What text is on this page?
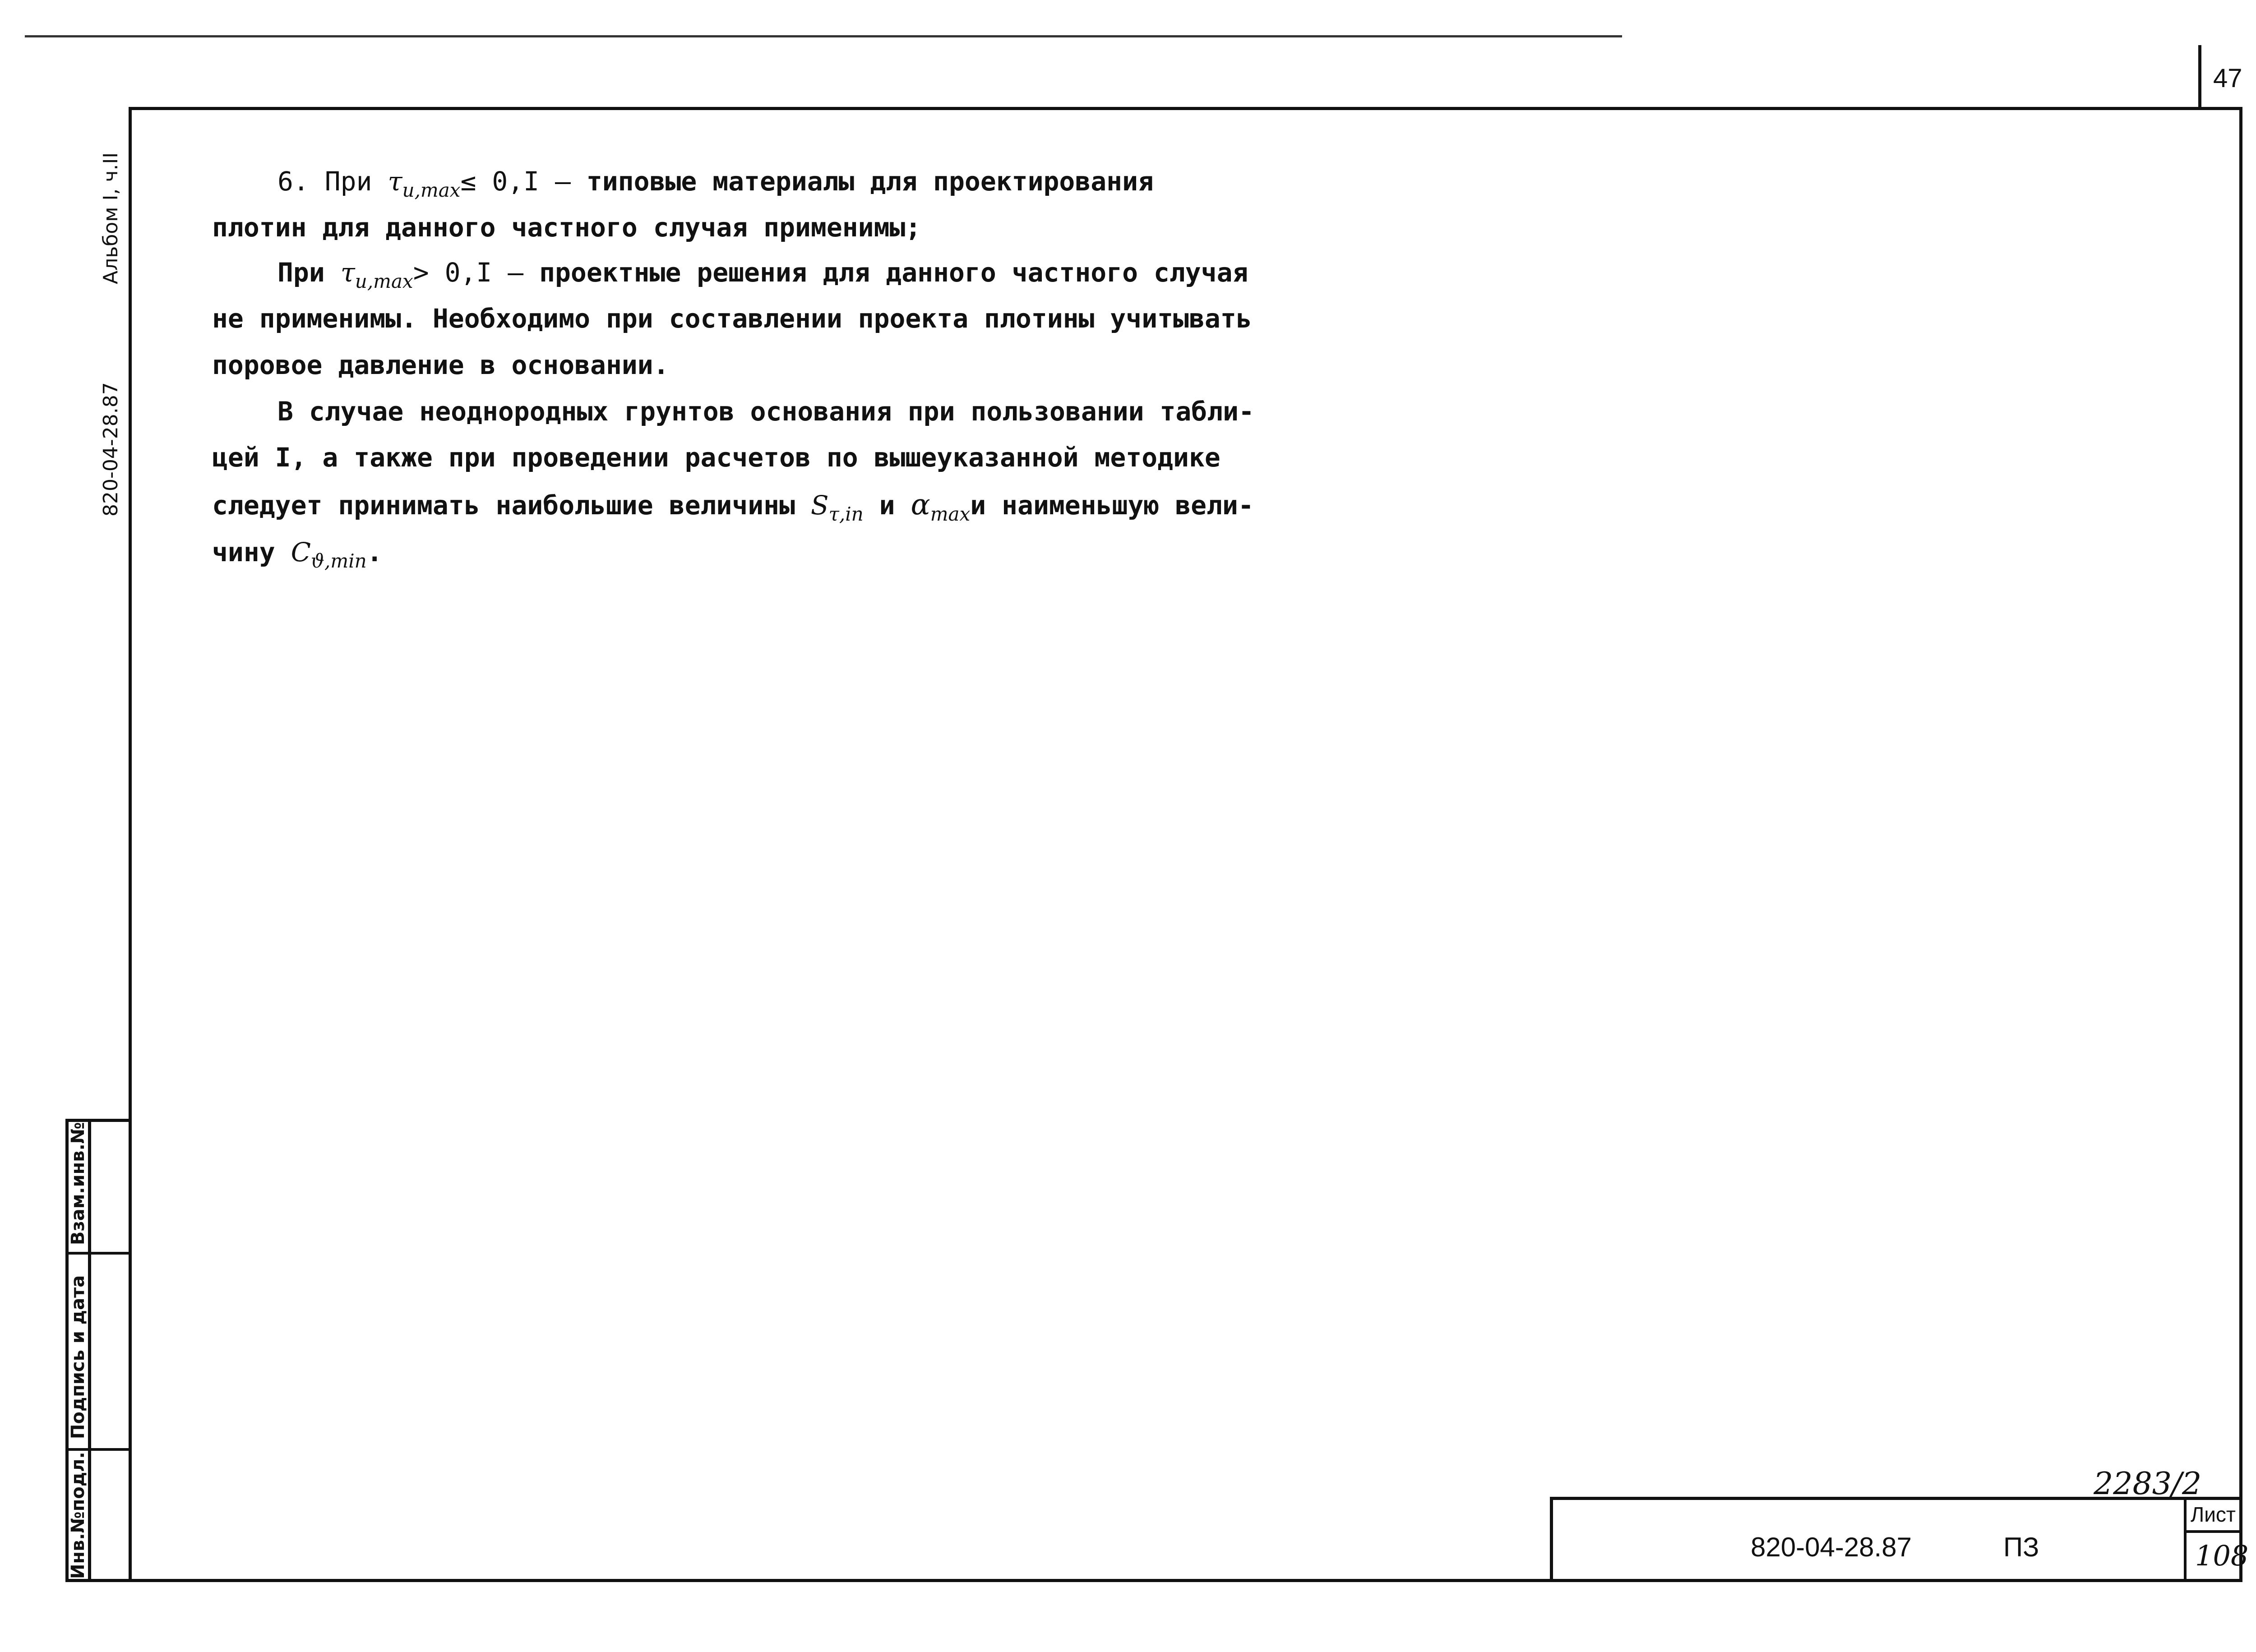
47
Альбом I, ч.II
820-04-28.87
Инв.№подл.
Подпись и дата
Взам.инв.№
6. При $\tau_{u,max}\le 0,I$ – типовые материалы для проектирования
плотин для данного частного случая применимы;
При $\tau_{u,max}> 0,I$ – проектные решения для данного частного случая
не применимы. Необходимо при составлении проекта плотины учитывать
поровое давление в основании.
В случае неоднородных грунтов основания при пользовании табли-
цей I, а также при проведении расчетов по вышеуказанной методике
следует принимать наибольшие величины $S_{\tau,in}$ и $\alpha_{max}и$ наименьшую вели-
чину $C_{ϑ,min}$.
2283/2
820-04-28.87	ПЗ
Лист
108
